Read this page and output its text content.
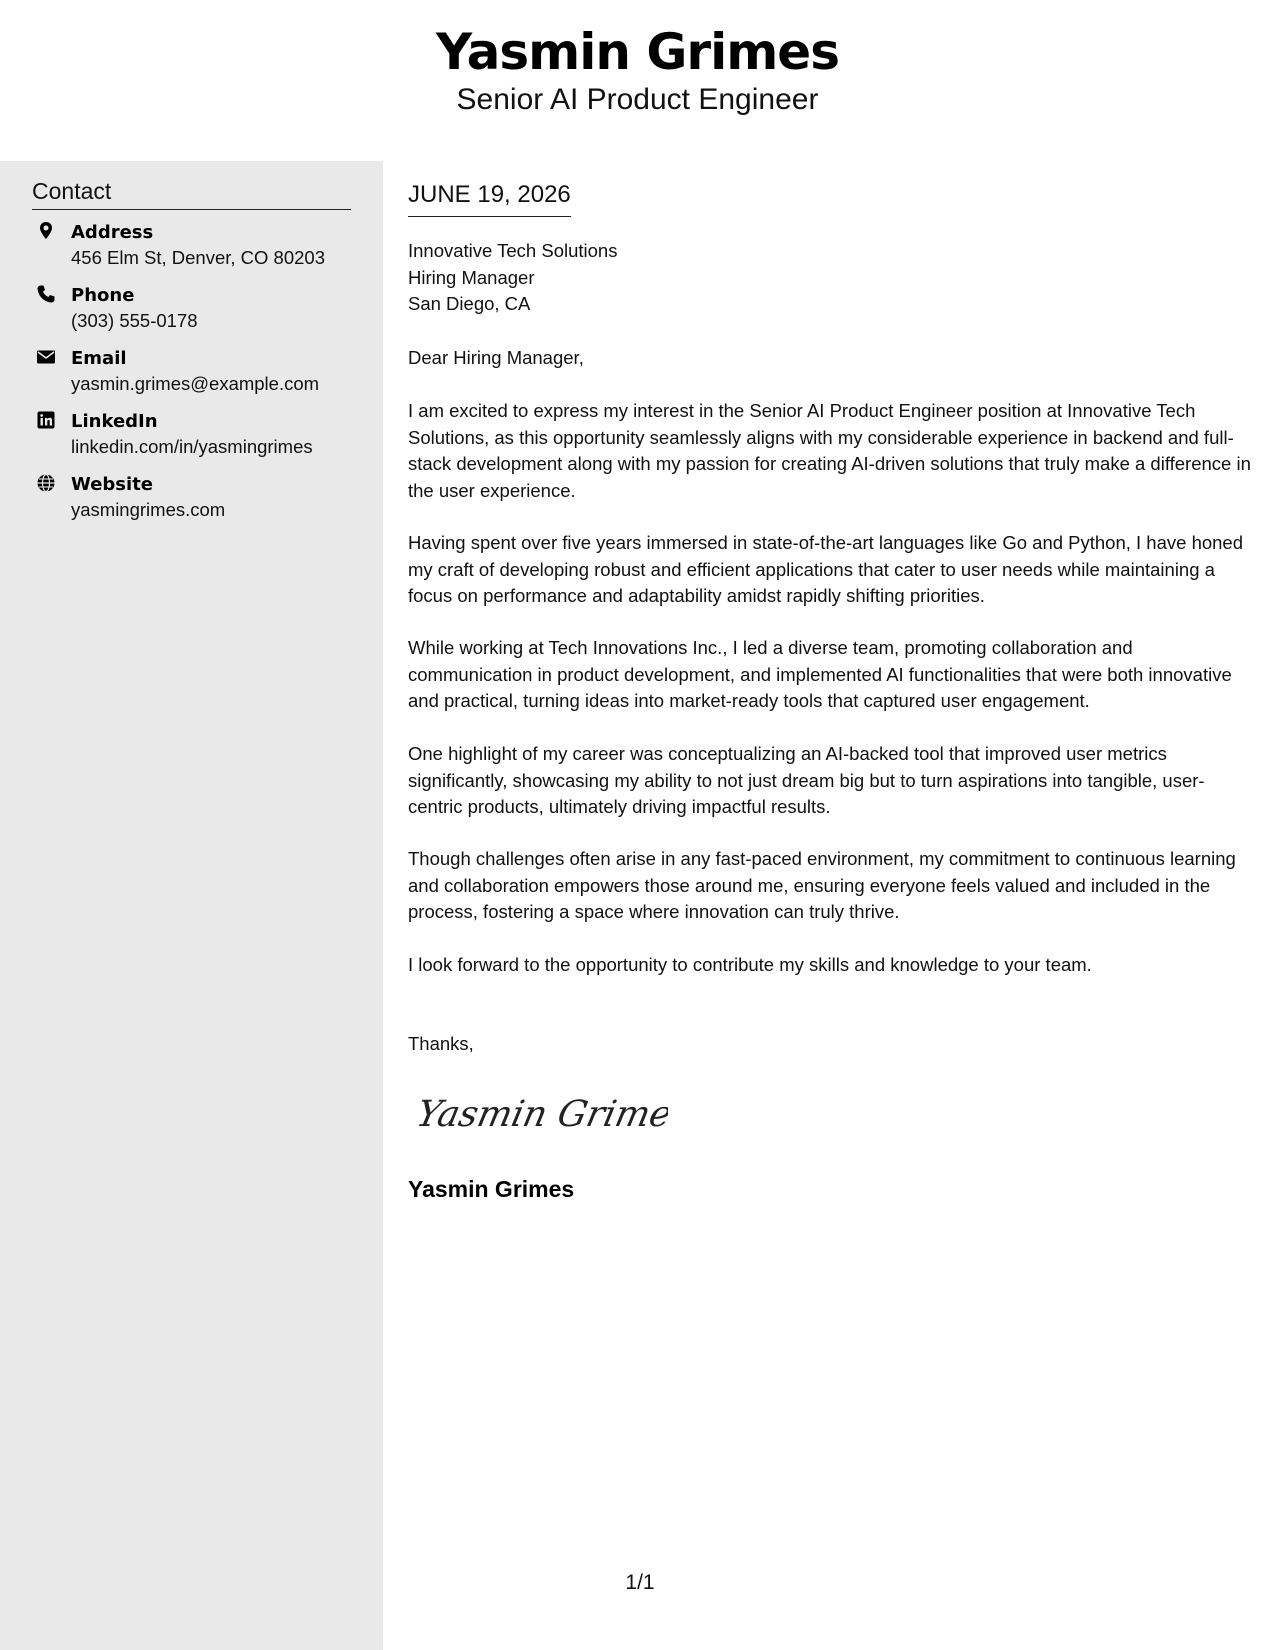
Yasmin Grimes
Senior AI Product Engineer
Contact
Address
456 Elm St, Denver, CO 80203
Phone
(303) 555-0178
Email
yasmin.grimes@example.com
LinkedIn
linkedin.com/in/yasmingrimes
Website
yasmingrimes.com
JUNE 19, 2026
Innovative Tech Solutions
Hiring Manager
San Diego, CA
Dear Hiring Manager,
I am excited to express my interest in the Senior AI Product Engineer position at Innovative Tech Solutions, as this opportunity seamlessly aligns with my considerable experience in backend and full-stack development along with my passion for creating AI-driven solutions that truly make a difference in the user experience.
Having spent over five years immersed in state-of-the-art languages like Go and Python, I have honed my craft of developing robust and efficient applications that cater to user needs while maintaining a focus on performance and adaptability amidst rapidly shifting priorities.
While working at Tech Innovations Inc., I led a diverse team, promoting collaboration and communication in product development, and implemented AI functionalities that were both innovative and practical, turning ideas into market-ready tools that captured user engagement.
One highlight of my career was conceptualizing an AI-backed tool that improved user metrics significantly, showcasing my ability to not just dream big but to turn aspirations into tangible, user-centric products, ultimately driving impactful results.
Though challenges often arise in any fast-paced environment, my commitment to continuous learning and collaboration empowers those around me, ensuring everyone feels valued and included in the process, fostering a space where innovation can truly thrive.
I look forward to the opportunity to contribute my skills and knowledge to your team.
Thanks,
Yasmin Grimes
Yasmin Grimes
1/1
